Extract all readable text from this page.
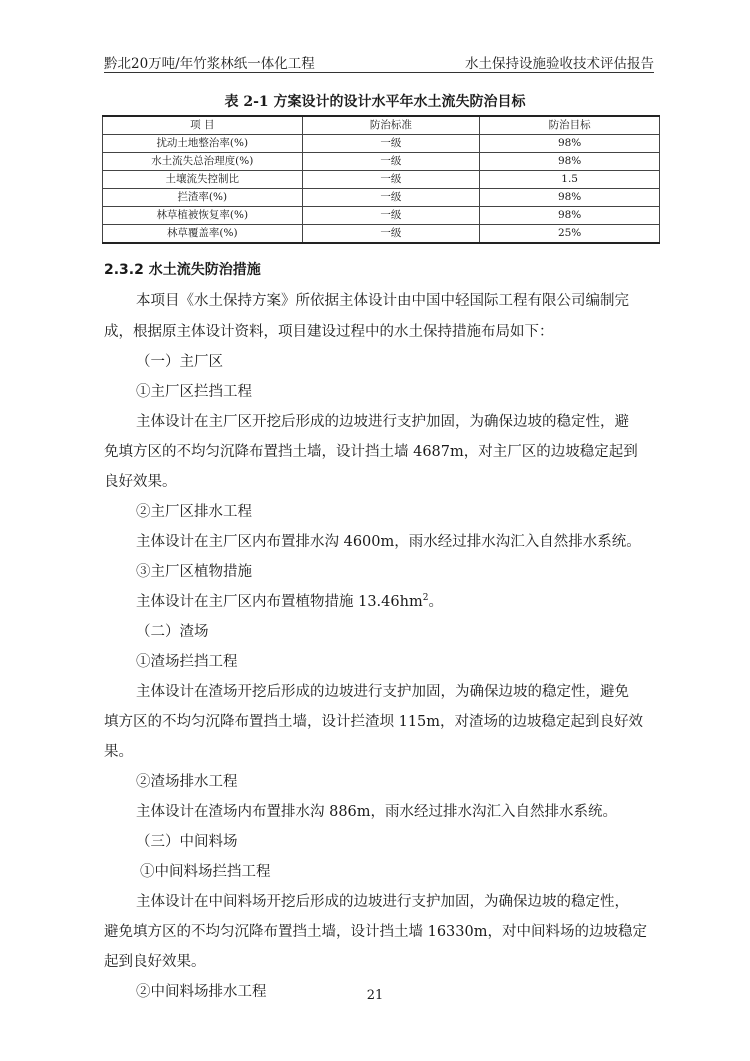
黔北20万吨/年竹浆林纸一体化工程	水土保持设施验收技术评估报告
表 2-1 方案设计的设计水平年水土流失防治目标
项 目	防治标准	防治目标
扰动土地整治率(%)	一级	98%
水土流失总治理度(%)	一级	98%
土壤流失控制比	一级	1.5
拦渣率(%)	一级	98%
林草植被恢复率(%)	一级	98%
林草覆盖率(%)	一级	25%
2.3.2 水土流失防治措施
本项目《水土保持方案》所依据主体设计由中国中轻国际工程有限公司编制完
成，根据原主体设计资料，项目建设过程中的水土保持措施布局如下：
（一）主厂区
①主厂区拦挡工程
主体设计在主厂区开挖后形成的边坡进行支护加固，为确保边坡的稳定性，避
免填方区的不均匀沉降布置挡土墙，设计挡土墙 4687m，对主厂区的边坡稳定起到
良好效果。
②主厂区排水工程
主体设计在主厂区内布置排水沟 4600m，雨水经过排水沟汇入自然排水系统。
③主厂区植物措施
主体设计在主厂区内布置植物措施 $13.46hm^2$。
（二）渣场
①渣场拦挡工程
主体设计在渣场开挖后形成的边坡进行支护加固，为确保边坡的稳定性，避免
填方区的不均匀沉降布置挡土墙，设计拦渣坝 115m，对渣场的边坡稳定起到良好效
果。
②渣场排水工程
主体设计在渣场内布置排水沟 886m，雨水经过排水沟汇入自然排水系统。
（三）中间料场
①中间料场拦挡工程
主体设计在中间料场开挖后形成的边坡进行支护加固，为确保边坡的稳定性，
避免填方区的不均匀沉降布置挡土墙，设计挡土墙 16330m，对中间料场的边坡稳定
起到良好效果。
②中间料场排水工程	21
